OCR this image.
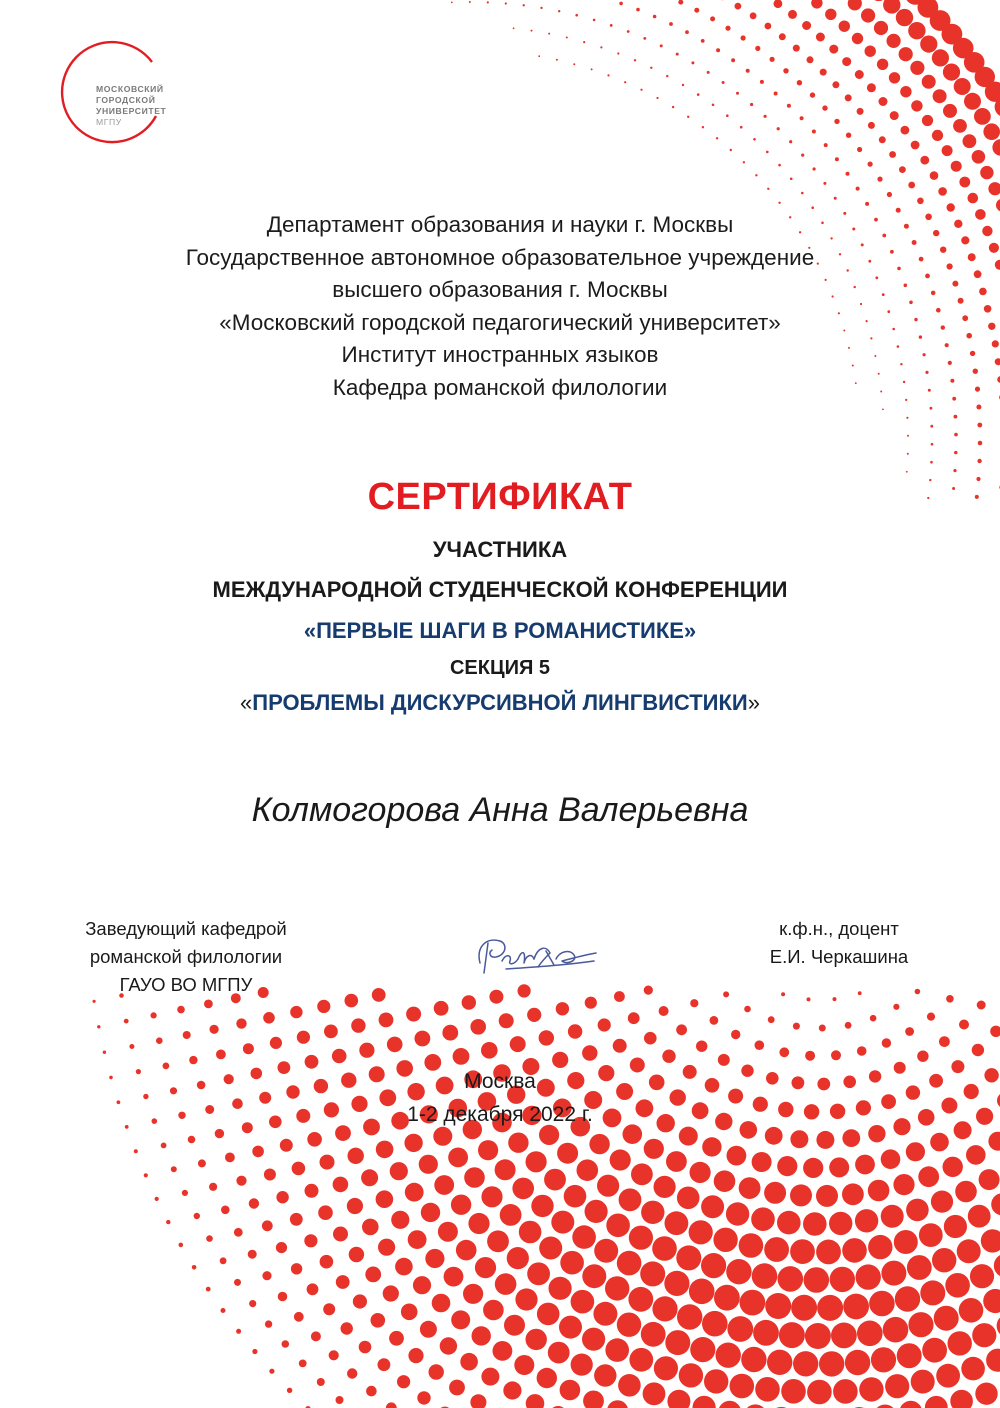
МОСКОВСКИЙ
ГОРОДСКОЙ
УНИВЕРСИТЕТ
МГПУ
Департамент образования и науки г. Москвы
Государственное автономное образовательное учреждение
высшего образования г. Москвы
«Московский городской педагогический университет»
Институт иностранных языков
Кафедра романской филологии
СЕРТИФИКАТ
УЧАСТНИКА
МЕЖДУНАРОДНОЙ СТУДЕНЧЕСКОЙ КОНФЕРЕНЦИИ
«ПЕРВЫЕ ШАГИ В РОМАНИСТИКЕ»
СЕКЦИЯ 5
«ПРОБЛЕМЫ ДИСКУРСИВНОЙ ЛИНГВИСТИКИ»
Колмогорова Анна Валерьевна
Заведующий кафедрой
романской филологии
ГАУО ВО МГПУ
к.ф.н., доцент
Е.И. Черкашина
Москва
1-2 декабря 2022 г.
